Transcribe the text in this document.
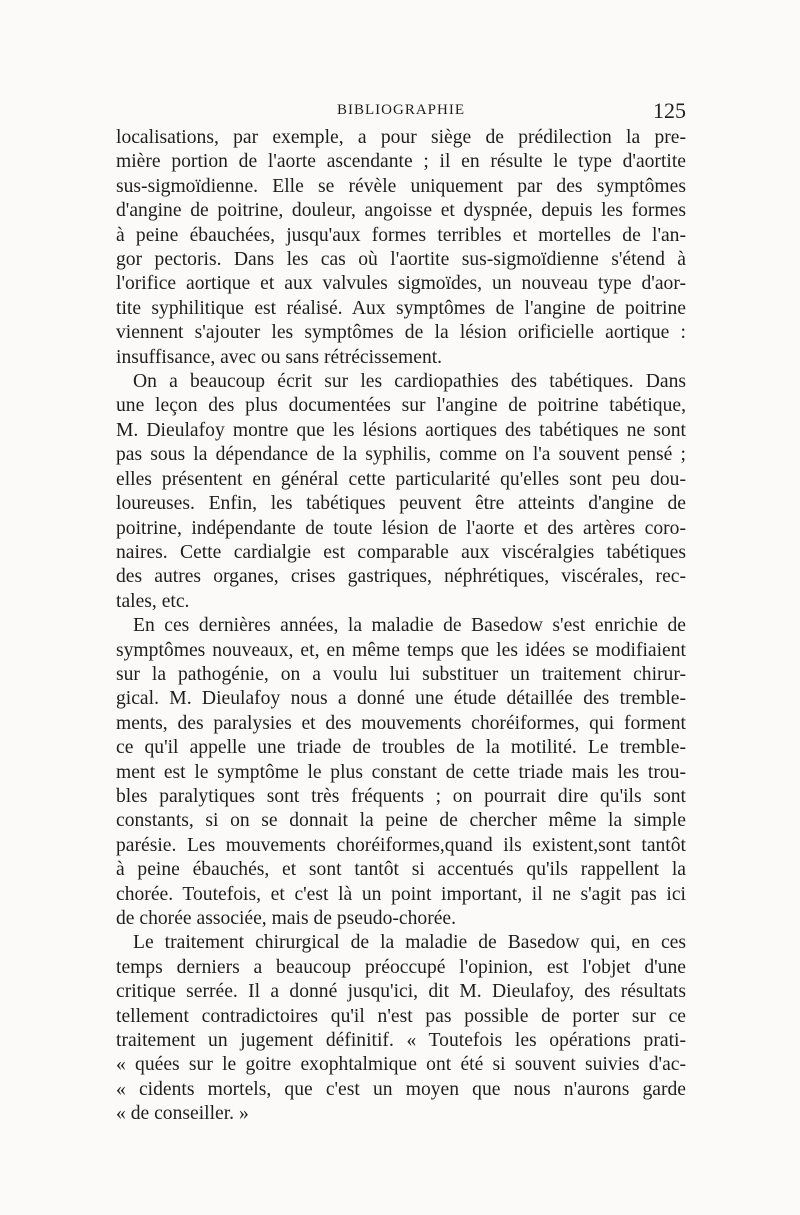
BIBLIOGRAPHIE	125

localisations, par exemple, a pour siège de prédilection la pre-
mière portion de l'aorte ascendante ; il en résulte le type d'aortite
sus-sigmoïdienne. Elle se révèle uniquement par des symptômes
d'angine de poitrine, douleur, angoisse et dyspnée, depuis les formes
à peine ébauchées, jusqu'aux formes terribles et mortelles de l'an-
gor pectoris. Dans les cas où l'aortite sus-sigmoïdienne s'étend à
l'orifice aortique et aux valvules sigmoïdes, un nouveau type d'aor-
tite syphilitique est réalisé. Aux symptômes de l'angine de poitrine
viennent s'ajouter les symptômes de la lésion orificielle aortique :
insuffisance, avec ou sans rétrécissement.

On a beaucoup écrit sur les cardiopathies des tabétiques. Dans
une leçon des plus documentées sur l'angine de poitrine tabétique,
M. Dieulafoy montre que les lésions aortiques des tabétiques ne sont
pas sous la dépendance de la syphilis, comme on l'a souvent pensé ;
elles présentent en général cette particularité qu'elles sont peu dou-
loureuses. Enfin, les tabétiques peuvent être atteints d'angine de
poitrine, indépendante de toute lésion de l'aorte et des artères coro-
naires. Cette cardialgie est comparable aux viscéralgies tabétiques
des autres organes, crises gastriques, néphrétiques, viscérales, rec-
tales, etc.

En ces dernières années, la maladie de Basedow s'est enrichie de
symptômes nouveaux, et, en même temps que les idées se modifiaient
sur la pathogénie, on a voulu lui substituer un traitement chirur-
gical. M. Dieulafoy nous a donné une étude détaillée des tremble-
ments, des paralysies et des mouvements choréiformes, qui forment
ce qu'il appelle une triade de troubles de la motilité. Le tremble-
ment est le symptôme le plus constant de cette triade mais les trou-
bles paralytiques sont très fréquents ; on pourrait dire qu'ils sont
constants, si on se donnait la peine de chercher même la simple
parésie. Les mouvements choréiformes,quand ils existent,sont tantôt
à peine ébauchés, et sont tantôt si accentués qu'ils rappellent la
chorée. Toutefois, et c'est là un point important, il ne s'agit pas ici
de chorée associée, mais de pseudo-chorée.

Le traitement chirurgical de la maladie de Basedow qui, en ces
temps derniers a beaucoup préoccupé l'opinion, est l'objet d'une
critique serrée. Il a donné jusqu'ici, dit M. Dieulafoy, des résultats
tellement contradictoires qu'il n'est pas possible de porter sur ce
traitement un jugement définitif. « Toutefois les opérations prati-
« quées sur le goitre exophtalmique ont été si souvent suivies d'ac-
« cidents mortels, que c'est un moyen que nous n'aurons garde
« de conseiller. »
